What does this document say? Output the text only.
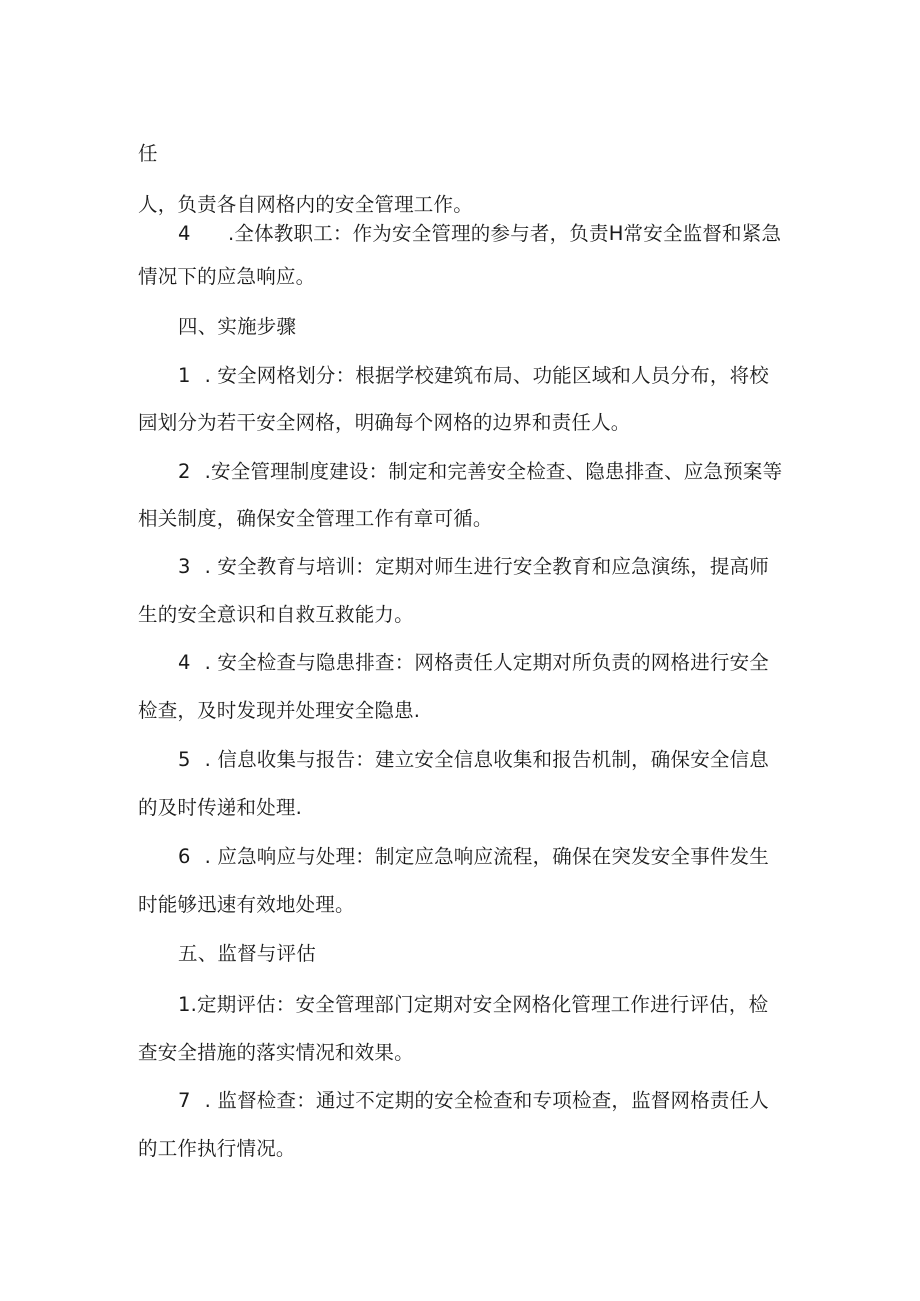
任
人，负责各自网格内的安全管理工作。
4 .全体教职工：作为安全管理的参与者，负责H常安全监督和紧急
情况下的应急响应。
四、实施步骤
1 . 安全网格划分：根据学校建筑布局、功能区域和人员分布，将校
园划分为若干安全网格，明确每个网格的边界和责任人。
2 .安全管理制度建设：制定和完善安全检查、隐患排查、应急预案等
相关制度，确保安全管理工作有章可循。
3 . 安全教育与培训：定期对师生进行安全教育和应急演练，提高师
生的安全意识和自救互救能力。
4 . 安全检查与隐患排查：网格责任人定期对所负责的网格进行安全
检查，及时发现并处理安全隐患.
5 . 信息收集与报告：建立安全信息收集和报告机制，确保安全信息
的及时传递和处理.
6 . 应急响应与处理：制定应急响应流程，确保在突发安全事件发生
时能够迅速有效地处理。
五、监督与评估
1.定期评估：安全管理部门定期对安全网格化管理工作进行评估，检
查安全措施的落实情况和效果。
7 . 监督检查：通过不定期的安全检查和专项检查，监督网格责任人
的工作执行情况。
